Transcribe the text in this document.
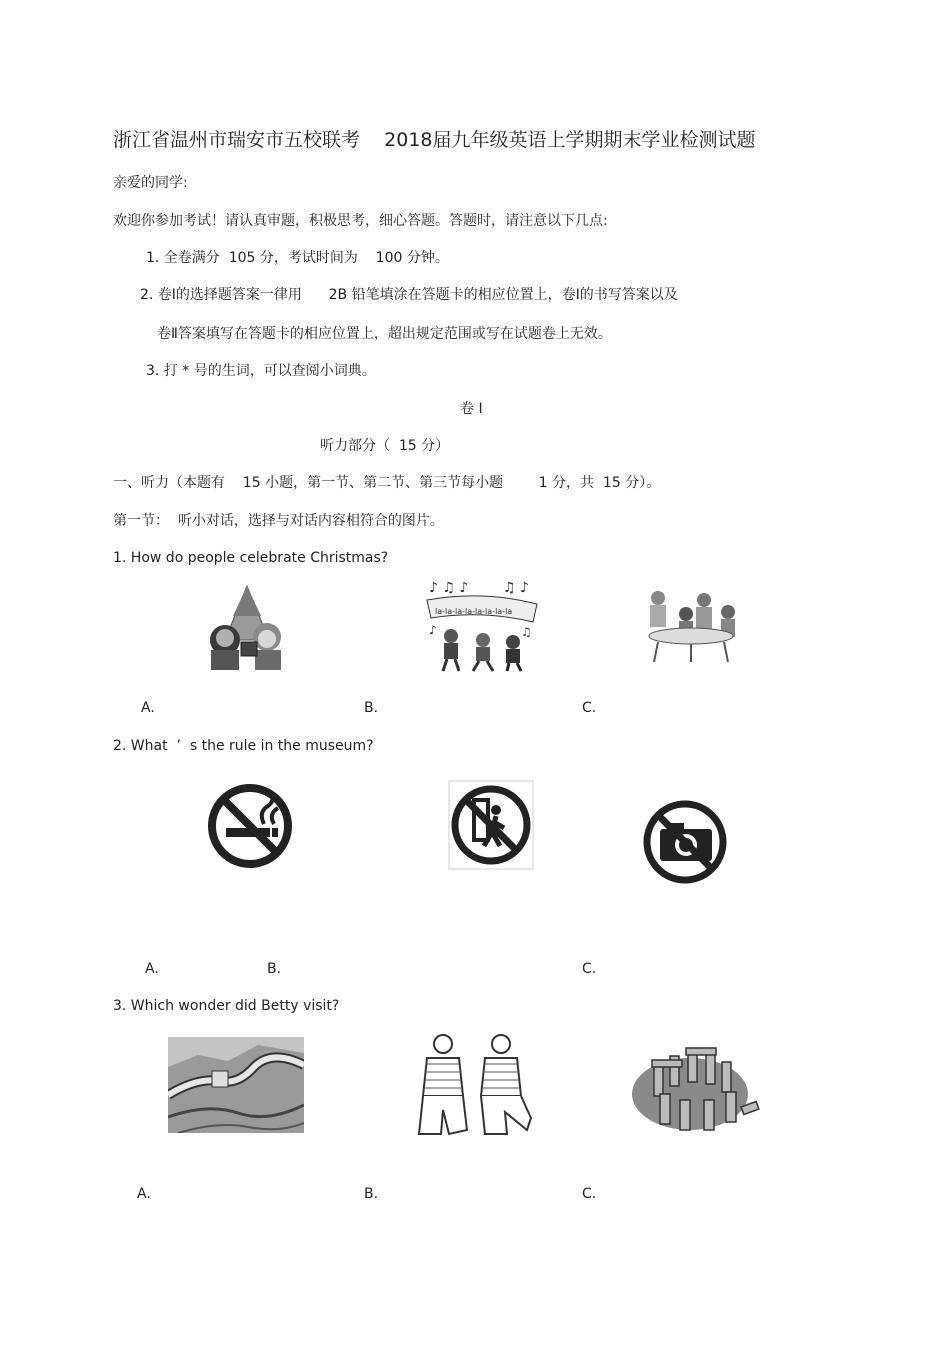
浙江省温州市瑞安市五校联考    2018届九年级英语上学期期末学业检测试题
亲爱的同学:
欢迎你参加考试！请认真审题，积极思考，细心答题。答题时，请注意以下几点:
1. 全卷满分  105 分，考试时间为    100 分钟。
2. 卷Ⅰ的选择题答案一律用      2B 铅笔填涂在答题卡的相应位置上，卷Ⅰ的书写答案以及
卷Ⅱ答案填写在答题卡的相应位置上，超出规定范围或写在试题卷上无效。
3. 打 * 号的生词，可以查阅小词典。
卷 I
听力部分（  15 分）
一、听力（本题有    15 小题，第一节、第二节、第三节每小题        1 分，共  15 分）。
第一节：  听小对话，选择与对话内容相符合的图片。
1. How do people celebrate Christmas?
♪ ♫ ♪ ♫ ♪
la-la-la-la-la-la-la-la
♪	♫
A.	B.	C.
2. What  ’  s the rule in the museum?
A.	B.	C.
3. Which wonder did Betty visit?
A.	B.	C.
